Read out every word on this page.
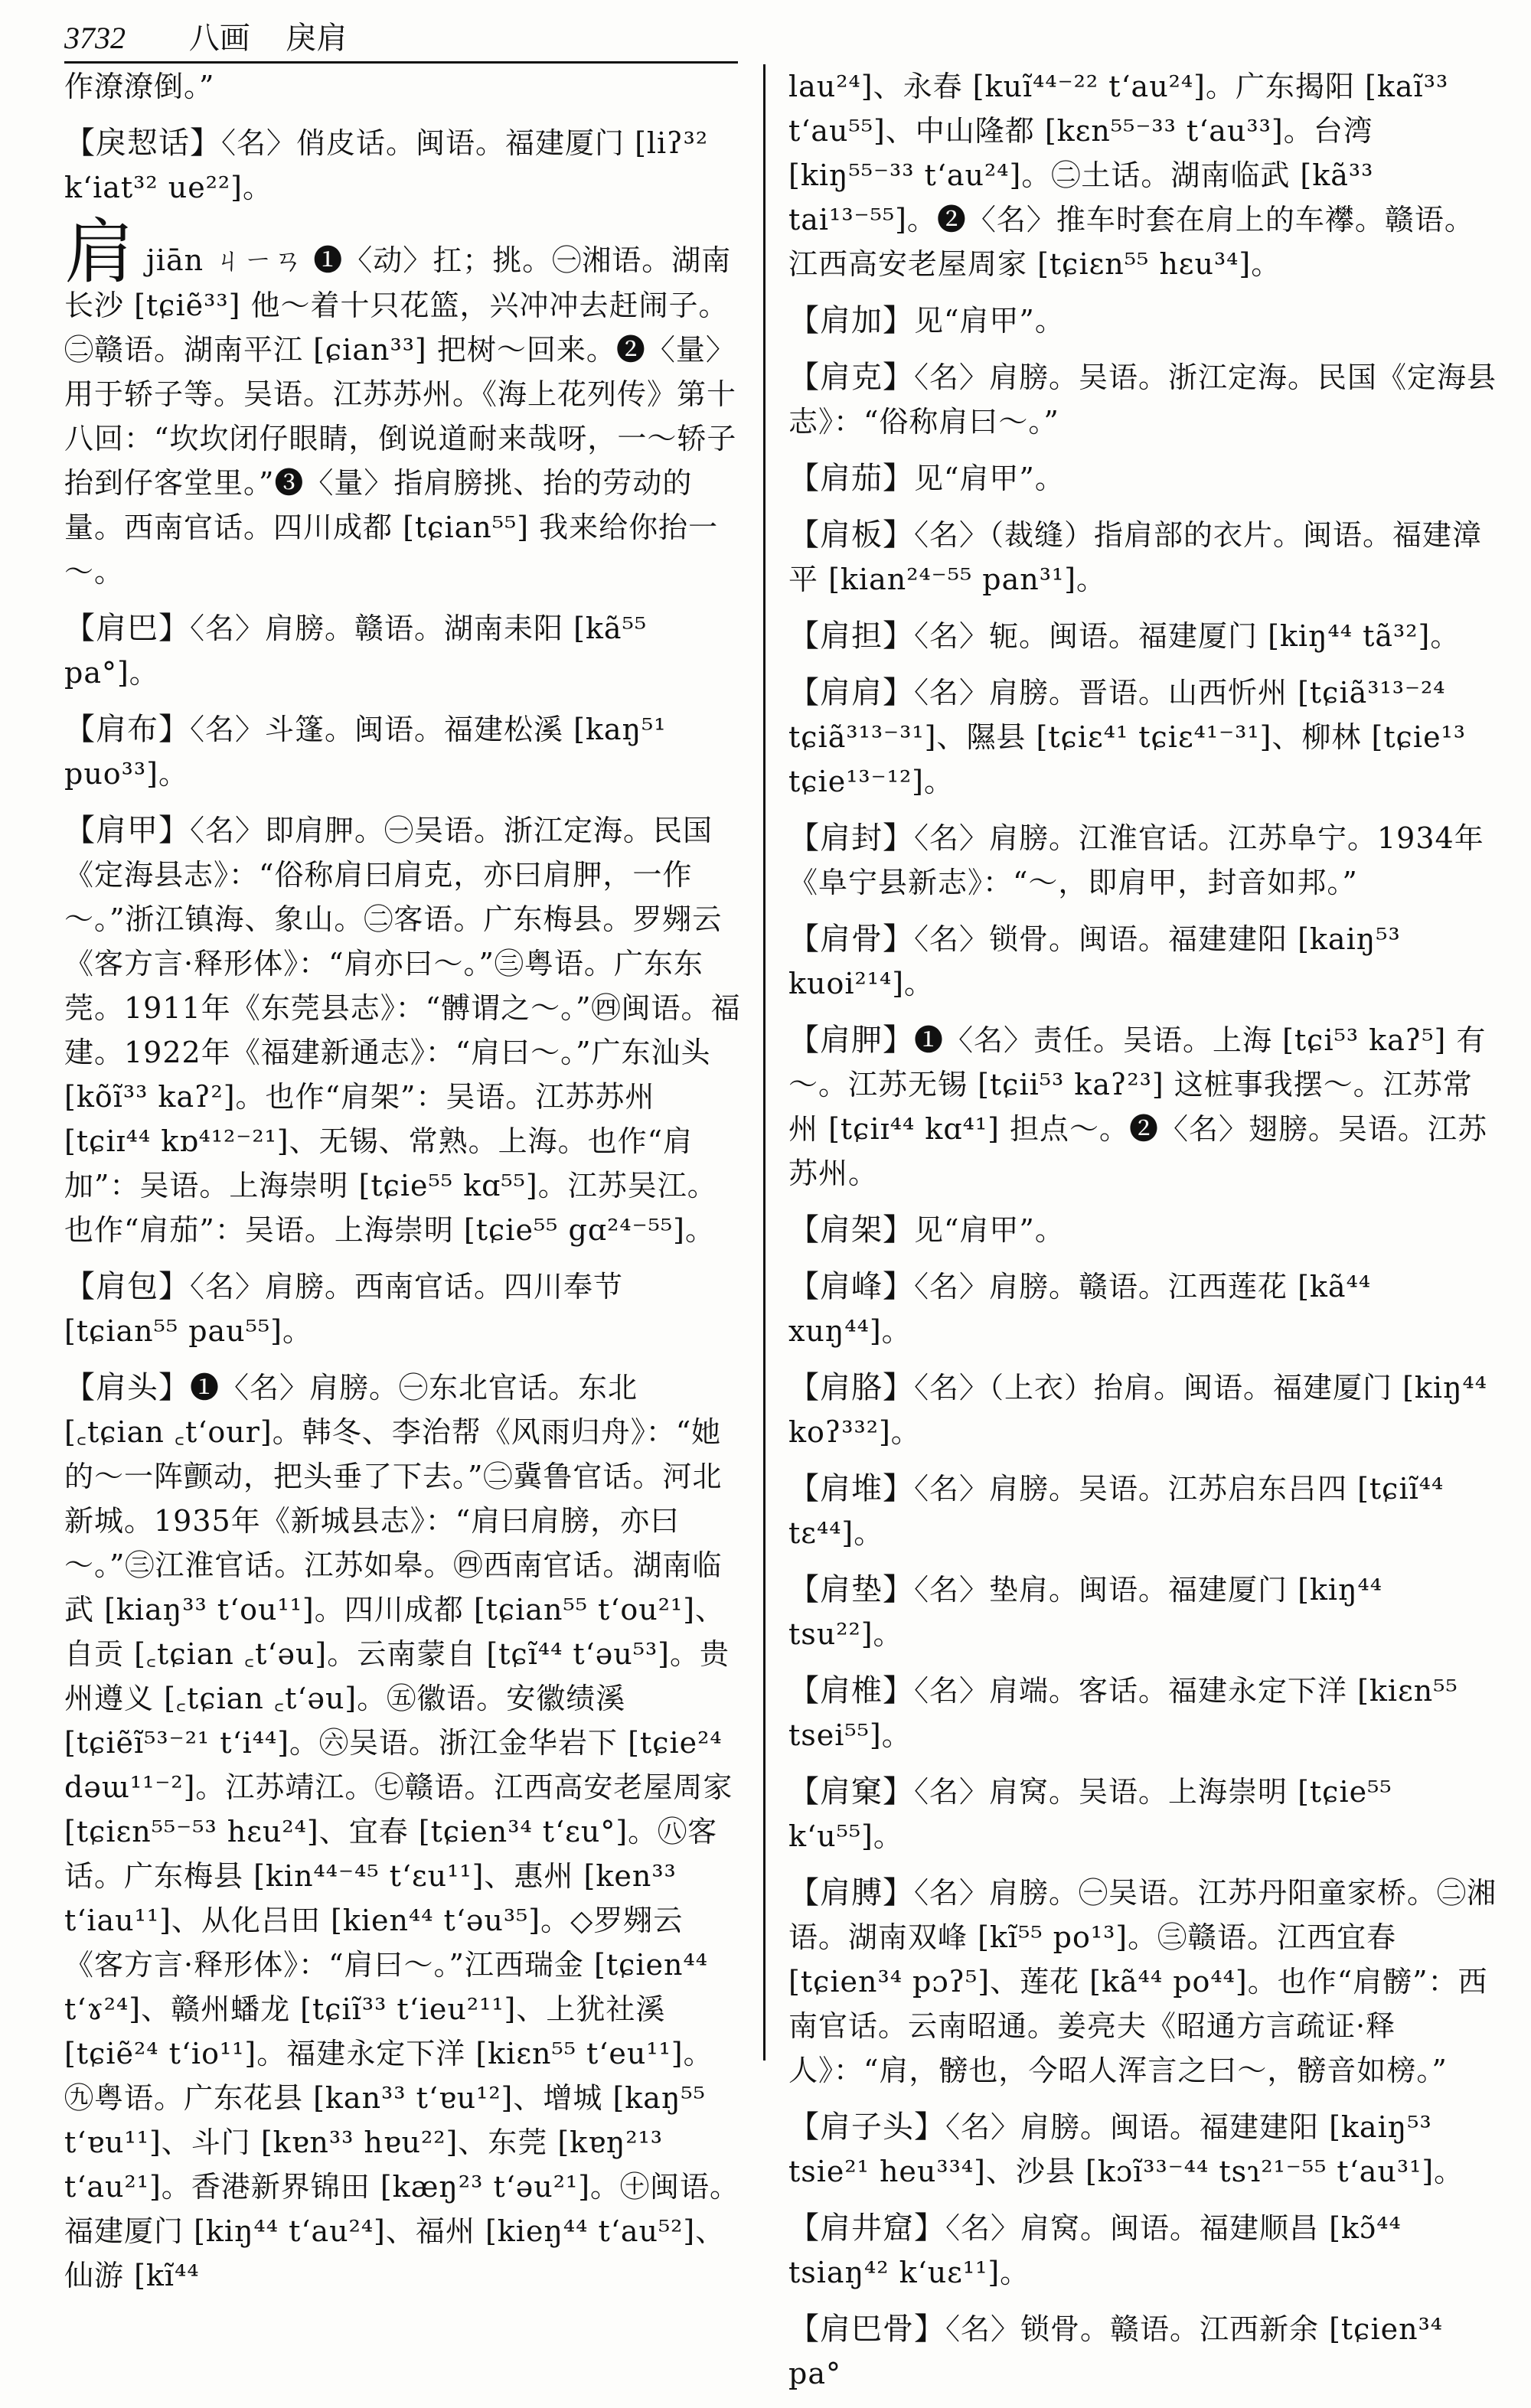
3732 八画 戾肩

作潦潦倒。”

【戾恝话】〈名〉俏皮话。闽语。福建厦门 [liʔ³² k‘iat³² ue²²]。

肩jiān ㄐㄧㄢ ❶〈动〉扛；挑。㊀湘语。湖南长沙 [tɕiẽ³³] 他～着十只花篮，兴冲冲去赶闹子。㊁赣语。湖南平江 [ɕian³³] 把树～回来。❷〈量〉用于轿子等。吴语。江苏苏州。《海上花列传》第十八回：“坎坎闭仔眼睛，倒说道耐来哉呀，一～轿子抬到仔客堂里。”❸〈量〉指肩膀挑、抬的劳动的量。西南官话。四川成都 [tɕian⁵⁵] 我来给你抬一～。

【肩巴】〈名〉肩膀。赣语。湖南耒阳 [kã⁵⁵ pa°]。

【肩布】〈名〉斗篷。闽语。福建松溪 [kaŋ⁵¹ puo³³]。

【肩甲】〈名〉即肩胛。㊀吴语。浙江定海。民国《定海县志》：“俗称肩曰肩克，亦曰肩胛，一作～。”浙江镇海、象山。㊁客语。广东梅县。罗翙云《客方言·释形体》：“肩亦曰～。”㊂粤语。广东东莞。1911年《东莞县志》：“髆谓之～。”㊃闽语。福建。1922年《福建新通志》：“肩曰～。”广东汕头 [kõĩ³³ kaʔ²]。也作“肩架”：吴语。江苏苏州 [tɕiɪ⁴⁴ kɒ⁴¹²⁻²¹]、无锡、常熟。上海。也作“肩加”：吴语。上海崇明 [tɕie⁵⁵ kɑ⁵⁵]。江苏吴江。也作“肩茄”：吴语。上海崇明 [tɕie⁵⁵ gɑ²⁴⁻⁵⁵]。

【肩包】〈名〉肩膀。西南官话。四川奉节 [tɕian⁵⁵ pau⁵⁵]。

【肩头】❶〈名〉肩膀。㊀东北官话。东北 [꜀tɕian ꜀t‘our]。韩冬、李治帮《风雨归舟》：“她的～一阵颤动，把头垂了下去。”㊁冀鲁官话。河北新城。1935年《新城县志》：“肩曰肩膀，亦曰～。”㊂江淮官话。江苏如皋。㊃西南官话。湖南临武 [kiaŋ³³ t‘ou¹¹]。四川成都 [tɕian⁵⁵ t‘ou²¹]、自贡 [꜀tɕian ꜀t‘əu]。云南蒙自 [tɕĩ⁴⁴ t‘əu⁵³]。贵州遵义 [꜀tɕian ꜀t‘əu]。㊄徽语。安徽绩溪 [tɕiẽĩ⁵³⁻²¹ t‘i⁴⁴]。㊅吴语。浙江金华岩下 [tɕie²⁴ dəɯ¹¹⁻²]。江苏靖江。㊆赣语。江西高安老屋周家 [tɕiɛn⁵⁵⁻⁵³ hɛu²⁴]、宜春 [tɕien³⁴ t‘ɛu°]。㊇客话。广东梅县 [kin⁴⁴⁻⁴⁵ t‘ɛu¹¹]、惠州 [ken³³ t‘iau¹¹]、从化吕田 [kien⁴⁴ t‘əu³⁵]。◇罗翙云《客方言·释形体》：“肩曰～。”江西瑞金 [tɕien⁴⁴ t‘ɤ²⁴]、赣州蟠龙 [tɕiĩ³³ t‘ieu²¹¹]、上犹社溪 [tɕiẽ²⁴ t‘io¹¹]。福建永定下洋 [kiɛn⁵⁵ t‘eu¹¹]。㊈粤语。广东花县 [kan³³ t‘ɐu¹²]、增城 [kaŋ⁵⁵ t‘ɐu¹¹]、斗门 [kɐn³³ hɐu²²]、东莞 [kɐŋ²¹³ t‘au²¹]。香港新界锦田 [kæŋ²³ t‘əu²¹]。㊉闽语。福建厦门 [kiŋ⁴⁴ t‘au²⁴]、福州 [kieŋ⁴⁴ t‘au⁵²]、仙游 [kĩ⁴⁴

lau²⁴]、永春 [kuĩ⁴⁴⁻²² t‘au²⁴]。广东揭阳 [kaĩ³³ t‘au⁵⁵]、中山隆都 [kɛn⁵⁵⁻³³ t‘au³³]。台湾 [kiŋ⁵⁵⁻³³ t‘au²⁴]。㊁土话。湖南临武 [kã³³ tai¹³⁻⁵⁵]。❷〈名〉推车时套在肩上的车襻。赣语。江西高安老屋周家 [tɕiɛn⁵⁵ hɛu³⁴]。

【肩加】见“肩甲”。

【肩克】〈名〉肩膀。吴语。浙江定海。民国《定海县志》：“俗称肩曰～。”

【肩茄】见“肩甲”。

【肩板】〈名〉（裁缝）指肩部的衣片。闽语。福建漳平 [kian²⁴⁻⁵⁵ pan³¹]。

【肩担】〈名〉轭。闽语。福建厦门 [kiŋ⁴⁴ tã³²]。

【肩肩】〈名〉肩膀。晋语。山西忻州 [tɕiã³¹³⁻²⁴ tɕiã³¹³⁻³¹]、隰县 [tɕiɛ⁴¹ tɕiɛ⁴¹⁻³¹]、柳林 [tɕie¹³ tɕie¹³⁻¹²]。

【肩封】〈名〉肩膀。江淮官话。江苏阜宁。1934年《阜宁县新志》：“～，即肩甲，封音如邦。”

【肩骨】〈名〉锁骨。闽语。福建建阳 [kaiŋ⁵³ kuoi²¹⁴]。

【肩胛】❶〈名〉责任。吴语。上海 [tɕi⁵³ kaʔ⁵] 有～。江苏无锡 [tɕii⁵³ kaʔ²³] 这桩事我摆～。江苏常州 [tɕiɪ⁴⁴ kɑ⁴¹] 担点～。❷〈名〉翅膀。吴语。江苏苏州。

【肩架】见“肩甲”。

【肩峰】〈名〉肩膀。赣语。江西莲花 [kã⁴⁴ xuŋ⁴⁴]。

【肩胳】〈名〉（上衣）抬肩。闽语。福建厦门 [kiŋ⁴⁴ koʔ³³²]。

【肩堆】〈名〉肩膀。吴语。江苏启东吕四 [tɕiĩ⁴⁴ tɛ⁴⁴]。

【肩垫】〈名〉垫肩。闽语。福建厦门 [kiŋ⁴⁴ tsu²²]。

【肩椎】〈名〉肩端。客话。福建永定下洋 [kiɛn⁵⁵ tsei⁵⁵]。

【肩窠】〈名〉肩窝。吴语。上海崇明 [tɕie⁵⁵ k‘u⁵⁵]。

【肩膊】〈名〉肩膀。㊀吴语。江苏丹阳童家桥。㊁湘语。湖南双峰 [kĩ⁵⁵ po¹³]。㊂赣语。江西宜春 [tɕien³⁴ pɔʔ⁵]、莲花 [kã⁴⁴ po⁴⁴]。也作“肩髈”：西南官话。云南昭通。姜亮夫《昭通方言疏证·释人》：“肩，髈也，今昭人浑言之曰～，髈音如榜。”

【肩子头】〈名〉肩膀。闽语。福建建阳 [kaiŋ⁵³ tsie²¹ heu³³⁴]、沙县 [kɔĩ³³⁻⁴⁴ tsɿ²¹⁻⁵⁵ t‘au³¹]。

【肩井窟】〈名〉肩窝。闽语。福建顺昌 [kɔ̃⁴⁴ tsiaŋ⁴² k‘uɛ¹¹]。

【肩巴骨】〈名〉锁骨。赣语。江西新余 [tɕien³⁴ pa°
